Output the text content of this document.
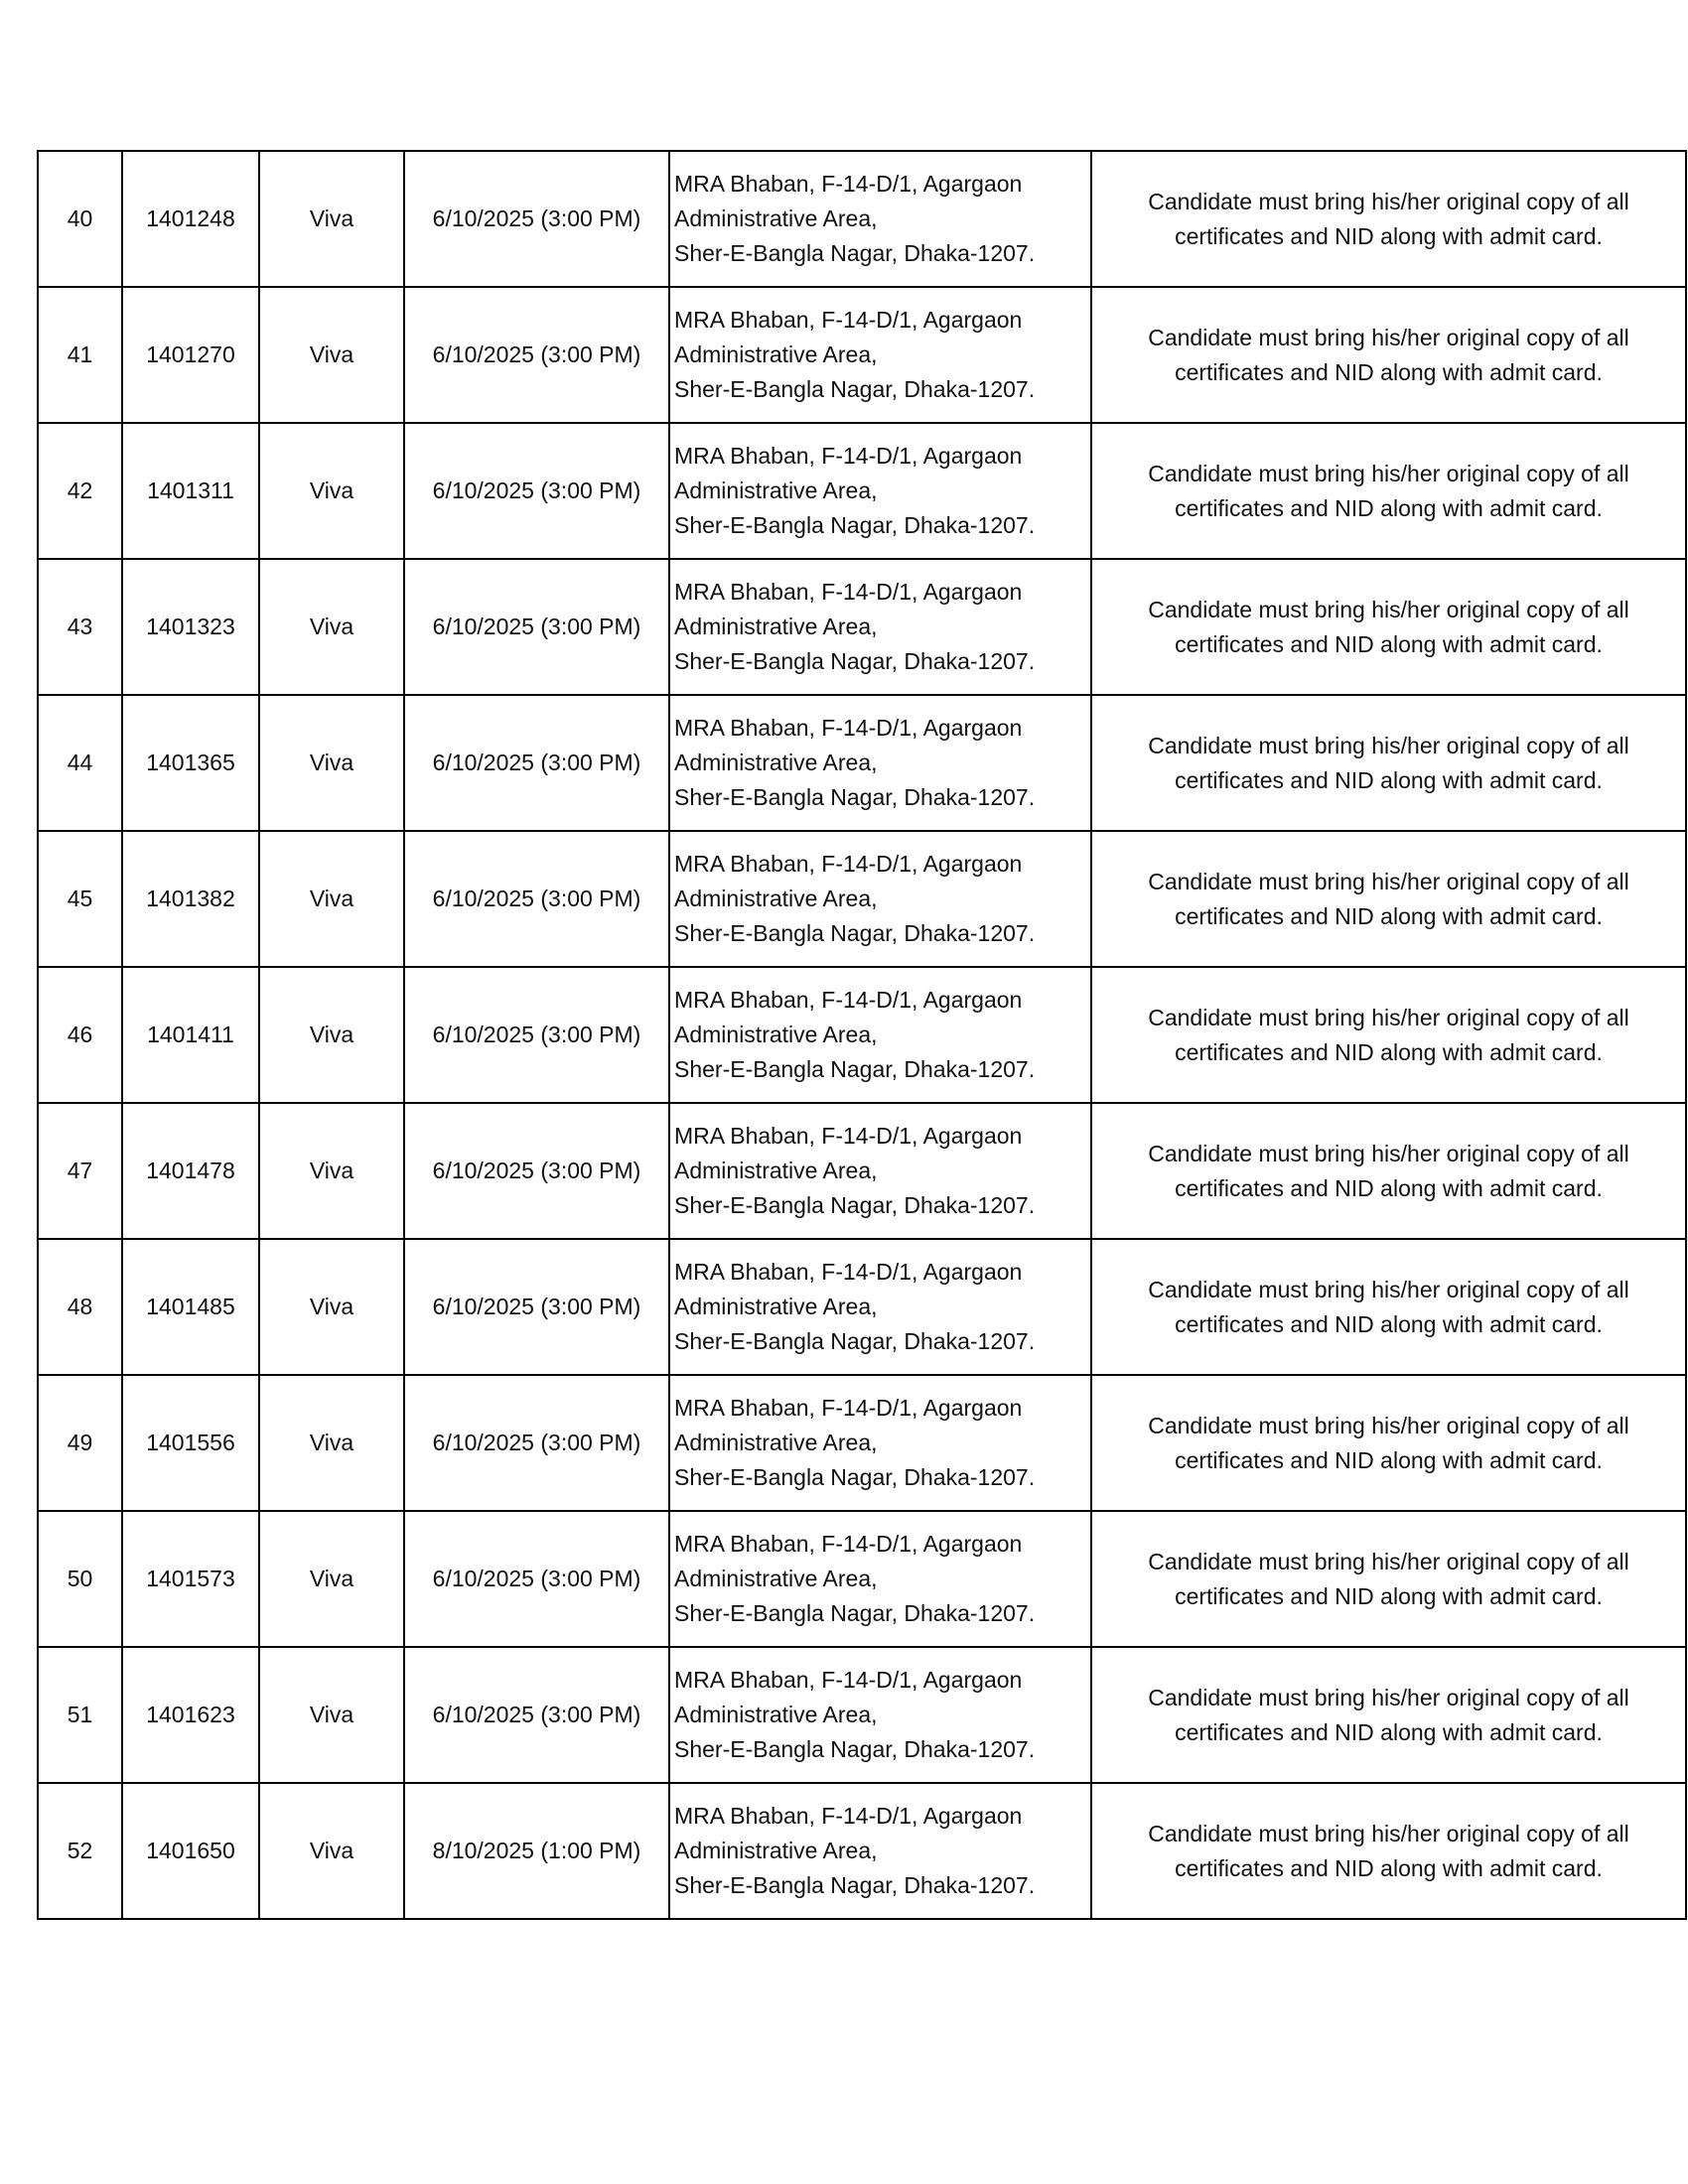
40	1401248	Viva	6/10/2025 (3:00 PM)	MRA Bhaban, F-14-D/1, Agargaon
Administrative Area,
Sher-E-Bangla Nagar, Dhaka-1207.	Candidate must bring his/her original copy of all
certificates and NID along with admit card.

41	1401270	Viva	6/10/2025 (3:00 PM)	MRA Bhaban, F-14-D/1, Agargaon
Administrative Area,
Sher-E-Bangla Nagar, Dhaka-1207.	Candidate must bring his/her original copy of all
certificates and NID along with admit card.

42	1401311	Viva	6/10/2025 (3:00 PM)	MRA Bhaban, F-14-D/1, Agargaon
Administrative Area,
Sher-E-Bangla Nagar, Dhaka-1207.	Candidate must bring his/her original copy of all
certificates and NID along with admit card.

43	1401323	Viva	6/10/2025 (3:00 PM)	MRA Bhaban, F-14-D/1, Agargaon
Administrative Area,
Sher-E-Bangla Nagar, Dhaka-1207.	Candidate must bring his/her original copy of all
certificates and NID along with admit card.

44	1401365	Viva	6/10/2025 (3:00 PM)	MRA Bhaban, F-14-D/1, Agargaon
Administrative Area,
Sher-E-Bangla Nagar, Dhaka-1207.	Candidate must bring his/her original copy of all
certificates and NID along with admit card.

45	1401382	Viva	6/10/2025 (3:00 PM)	MRA Bhaban, F-14-D/1, Agargaon
Administrative Area,
Sher-E-Bangla Nagar, Dhaka-1207.	Candidate must bring his/her original copy of all
certificates and NID along with admit card.

46	1401411	Viva	6/10/2025 (3:00 PM)	MRA Bhaban, F-14-D/1, Agargaon
Administrative Area,
Sher-E-Bangla Nagar, Dhaka-1207.	Candidate must bring his/her original copy of all
certificates and NID along with admit card.

47	1401478	Viva	6/10/2025 (3:00 PM)	MRA Bhaban, F-14-D/1, Agargaon
Administrative Area,
Sher-E-Bangla Nagar, Dhaka-1207.	Candidate must bring his/her original copy of all
certificates and NID along with admit card.

48	1401485	Viva	6/10/2025 (3:00 PM)	MRA Bhaban, F-14-D/1, Agargaon
Administrative Area,
Sher-E-Bangla Nagar, Dhaka-1207.	Candidate must bring his/her original copy of all
certificates and NID along with admit card.

49	1401556	Viva	6/10/2025 (3:00 PM)	MRA Bhaban, F-14-D/1, Agargaon
Administrative Area,
Sher-E-Bangla Nagar, Dhaka-1207.	Candidate must bring his/her original copy of all
certificates and NID along with admit card.

50	1401573	Viva	6/10/2025 (3:00 PM)	MRA Bhaban, F-14-D/1, Agargaon
Administrative Area,
Sher-E-Bangla Nagar, Dhaka-1207.	Candidate must bring his/her original copy of all
certificates and NID along with admit card.

51	1401623	Viva	6/10/2025 (3:00 PM)	MRA Bhaban, F-14-D/1, Agargaon
Administrative Area,
Sher-E-Bangla Nagar, Dhaka-1207.	Candidate must bring his/her original copy of all
certificates and NID along with admit card.

52	1401650	Viva	8/10/2025 (1:00 PM)	MRA Bhaban, F-14-D/1, Agargaon
Administrative Area,
Sher-E-Bangla Nagar, Dhaka-1207.	Candidate must bring his/her original copy of all
certificates and NID along with admit card.
